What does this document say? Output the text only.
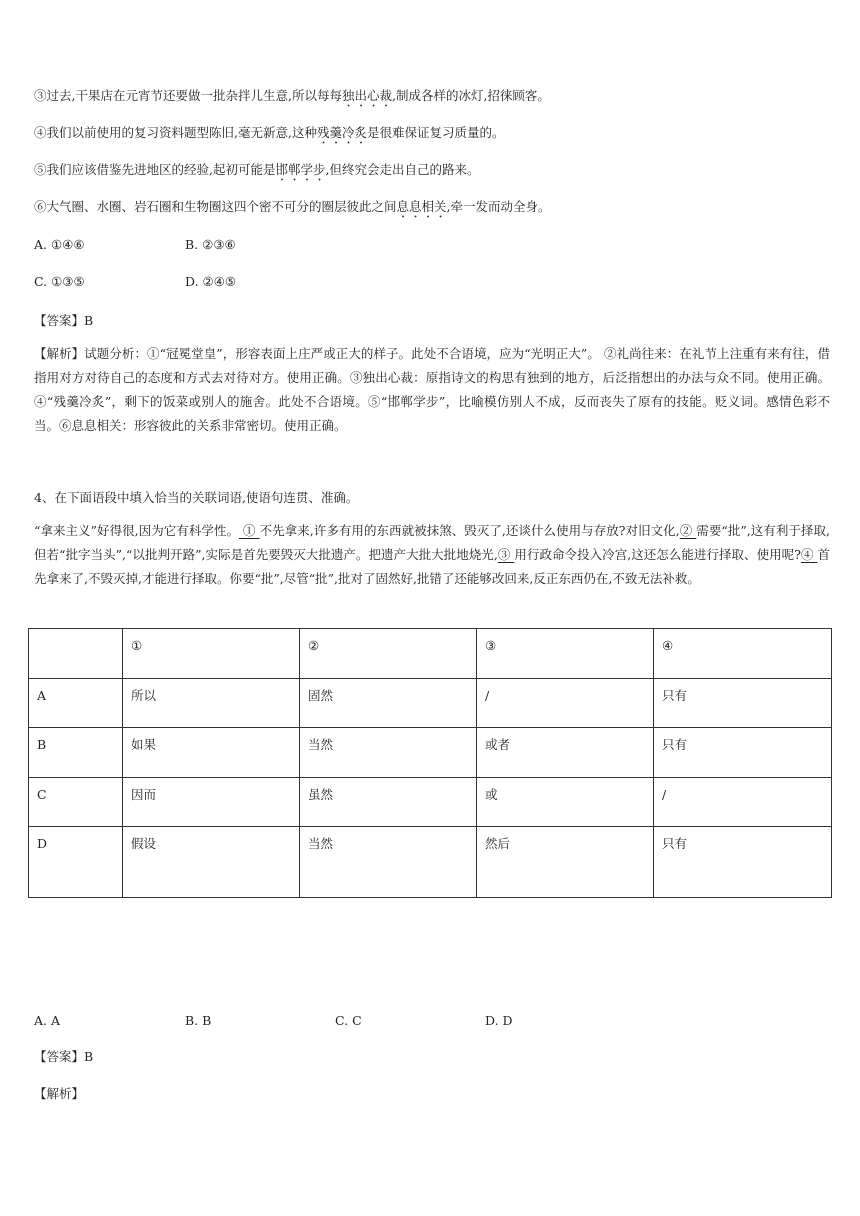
③过去,干果店在元宵节还要做一批杂拌儿生意,所以每每独出心裁,制成各样的冰灯,招徕顾客。
④我们以前使用的复习资料题型陈旧,毫无新意,这种残羹冷炙是很难保证复习质量的。
⑤我们应该借鉴先进地区的经验,起初可能是邯郸学步,但终究会走出自己的路来。
⑥大气圈、水圈、岩石圈和生物圈这四个密不可分的圈层彼此之间息息相关,牵一发而动全身。
A. ①④⑥	B. ②③⑥
C. ①③⑤	D. ②④⑤
【答案】B
【解析】试题分析：①“冠冕堂皇”，形容表面上庄严或正大的样子。此处不合语境，应为“光明正大”。 ②礼尚往来：在礼节上注重有来有往，借指用对方对待自己的态度和方式去对待对方。使用正确。③独出心裁：原指诗文的构思有独到的地方，后泛指想出的办法与众不同。使用正确。④“残羹冷炙”，剩下的饭菜或别人的施舍。此处不合语境。⑤“邯郸学步”，比喻模仿别人不成，反而丧失了原有的技能。贬义词。感情色彩不当。⑥息息相关：形容彼此的关系非常密切。使用正确。
4、在下面语段中填入恰当的关联词语,使语句连贯、准确。
“拿来主义”好得很,因为它有科学性。 ① 不先拿来,许多有用的东西就被抹煞、毁灭了,还谈什么使用与存放?对旧文化,② 需要“批”,这有利于择取,但若“批字当头”,“以批判开路”,实际是首先要毁灭大批遗产。把遗产大批大批地烧光,③ 用行政命令投入冷宫,这还怎么能进行择取、使用呢?④ 首先拿来了,不毁灭掉,才能进行择取。你要“批”,尽管“批”,批对了固然好,批错了还能够改回来,反正东西仍在,不致无法补救。
	①	②	③	④
A	所以	固然	/	只有
B	如果	当然	或者	只有
C	因而	虽然	或	/
D	假设	当然	然后	只有
A. A	B. B	C. C	D. D
【答案】B
【解析】
